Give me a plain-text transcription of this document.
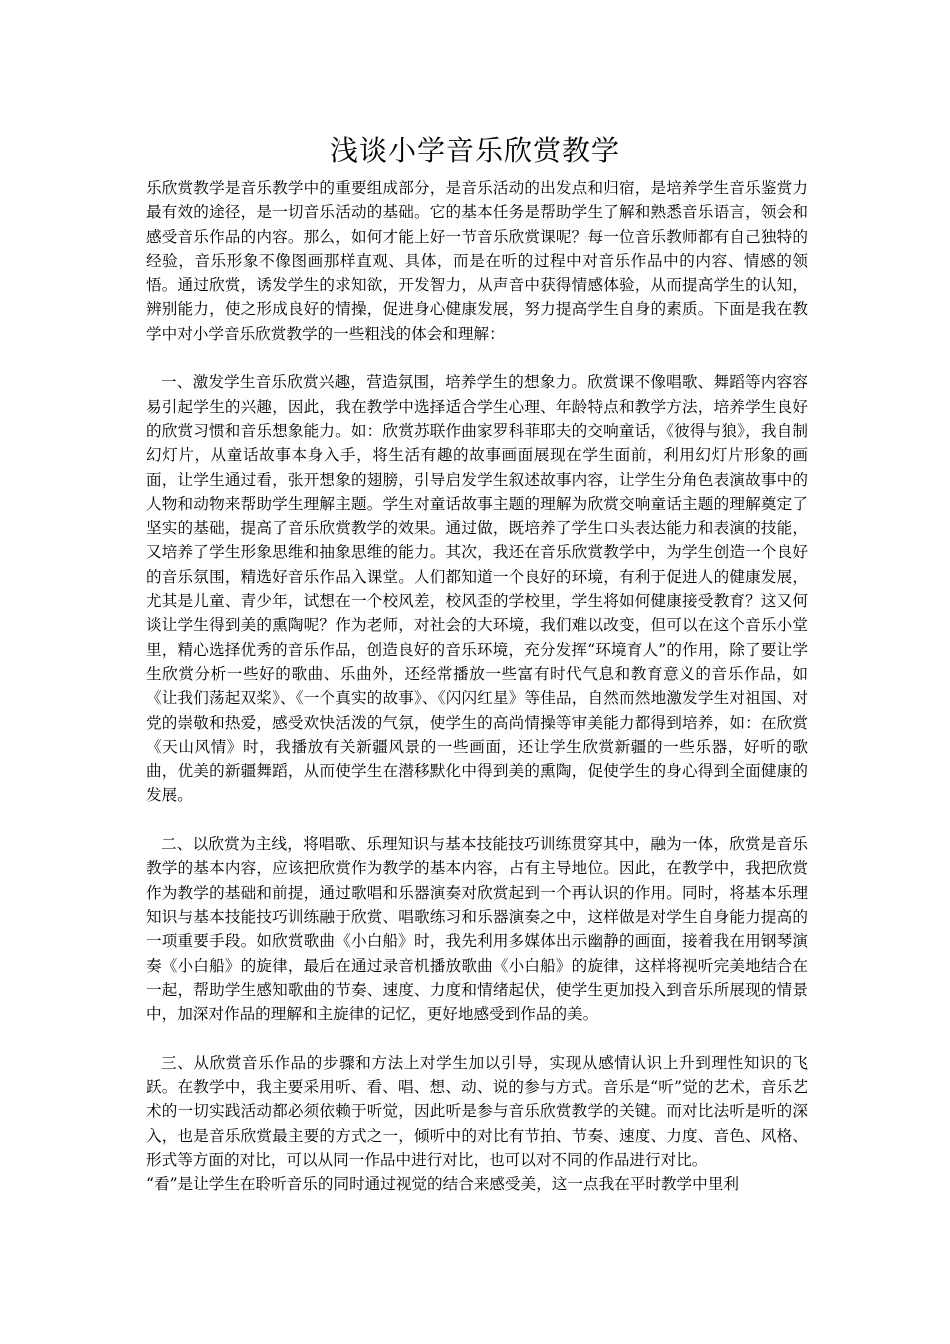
浅谈小学音乐欣赏教学

乐欣赏教学是音乐教学中的重要组成部分，是音乐活动的出发点和归宿，是培养学生音乐鉴赏力最有效的途径，是一切音乐活动的基础。它的基本任务是帮助学生了解和熟悉音乐语言，领会和感受音乐作品的内容。那么，如何才能上好一节音乐欣赏课呢？每一位音乐教师都有自己独特的经验，音乐形象不像图画那样直观、具体，而是在听的过程中对音乐作品中的内容、情感的领悟。通过欣赏，诱发学生的求知欲，开发智力，从声音中获得情感体验，从而提高学生的认知，辨别能力，使之形成良好的情操，促进身心健康发展，努力提高学生自身的素质。下面是我在教学中对小学音乐欣赏教学的一些粗浅的体会和理解：

一、激发学生音乐欣赏兴趣，营造氛围，培养学生的想象力。欣赏课不像唱歌、舞蹈等内容容易引起学生的兴趣，因此，我在教学中选择适合学生心理、年龄特点和教学方法，培养学生良好的欣赏习惯和音乐想象能力。如：欣赏苏联作曲家罗科菲耶夫的交响童话，《彼得与狼》，我自制幻灯片，从童话故事本身入手，将生活有趣的故事画面展现在学生面前，利用幻灯片形象的画面，让学生通过看，张开想象的翅膀，引导启发学生叙述故事内容，让学生分角色表演故事中的人物和动物来帮助学生理解主题。学生对童话故事主题的理解为欣赏交响童话主题的理解奠定了坚实的基础，提高了音乐欣赏教学的效果。通过做，既培养了学生口头表达能力和表演的技能，又培养了学生形象思维和抽象思维的能力。其次，我还在音乐欣赏教学中，为学生创造一个良好的音乐氛围，精选好音乐作品入课堂。人们都知道一个良好的环境，有利于促进人的健康发展，尤其是儿童、青少年，试想在一个校风差，校风歪的学校里，学生将如何健康接受教育？这又何谈让学生得到美的熏陶呢？作为老师，对社会的大环境，我们难以改变，但可以在这个音乐小堂里，精心选择优秀的音乐作品，创造良好的音乐环境，充分发挥“环境育人”的作用，除了要让学生欣赏分析一些好的歌曲、乐曲外，还经常播放一些富有时代气息和教育意义的音乐作品，如《让我们荡起双桨》、《一个真实的故事》、《闪闪红星》等佳品，自然而然地激发学生对祖国、对党的崇敬和热爱，感受欢快活泼的气氛，使学生的高尚情操等审美能力都得到培养，如：在欣赏《天山风情》时，我播放有关新疆风景的一些画面，还让学生欣赏新疆的一些乐器，好听的歌曲，优美的新疆舞蹈，从而使学生在潜移默化中得到美的熏陶，促使学生的身心得到全面健康的发展。

二、以欣赏为主线，将唱歌、乐理知识与基本技能技巧训练贯穿其中，融为一体，欣赏是音乐教学的基本内容，应该把欣赏作为教学的基本内容，占有主导地位。因此，在教学中，我把欣赏作为教学的基础和前提，通过歌唱和乐器演奏对欣赏起到一个再认识的作用。同时，将基本乐理知识与基本技能技巧训练融于欣赏、唱歌练习和乐器演奏之中，这样做是对学生自身能力提高的一项重要手段。如欣赏歌曲《小白船》时，我先利用多媒体出示幽静的画面，接着我在用钢琴演奏《小白船》的旋律，最后在通过录音机播放歌曲《小白船》的旋律，这样将视听完美地结合在一起，帮助学生感知歌曲的节奏、速度、力度和情绪起伏，使学生更加投入到音乐所展现的情景中，加深对作品的理解和主旋律的记忆，更好地感受到作品的美。

三、从欣赏音乐作品的步骤和方法上对学生加以引导，实现从感情认识上升到理性知识的飞跃。在教学中，我主要采用听、看、唱、想、动、说的参与方式。音乐是“听”觉的艺术，音乐艺术的一切实践活动都必须依赖于听觉，因此听是参与音乐欣赏教学的关键。而对比法听是听的深入，也是音乐欣赏最主要的方式之一，倾听中的对比有节拍、节奏、速度、力度、音色、风格、形式等方面的对比，可以从同一作品中进行对比，也可以对不同的作品进行对比。

“看”是让学生在聆听音乐的同时通过视觉的结合来感受美，这一点我在平时教学中里利
